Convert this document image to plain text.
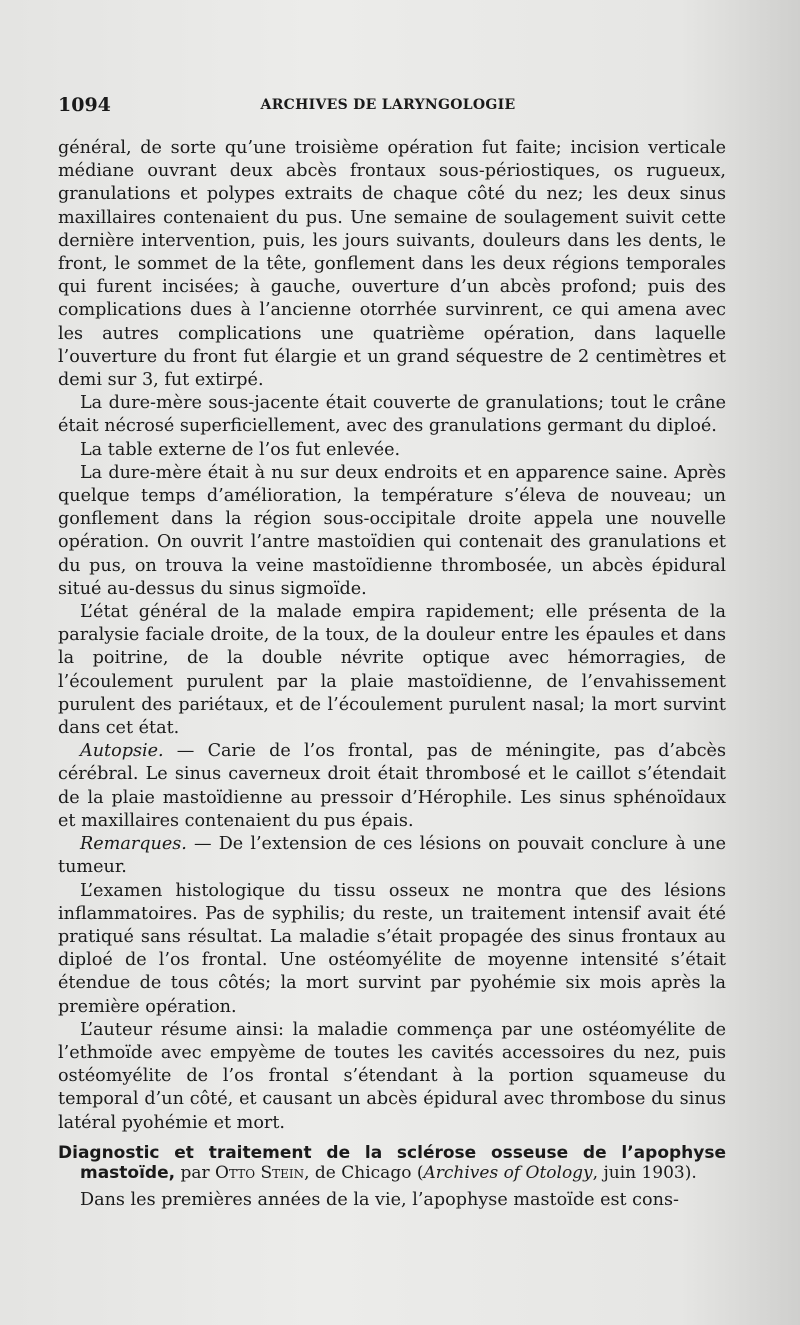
1094	ARCHIVES DE LARYNGOLOGIE

général, de sorte qu’une troisième opération fut faite; incision verticale médiane ouvrant deux abcès frontaux sous-périostiques, os rugueux, granulations et polypes extraits de chaque côté du nez; les deux sinus maxillaires contenaient du pus. Une semaine de soulagement suivit cette dernière intervention, puis, les jours suivants, douleurs dans les dents, le front, le sommet de la tête, gonflement dans les deux régions temporales qui furent incisées; à gauche, ouverture d’un abcès profond; puis des complications dues à l’ancienne otorrhée survinrent, ce qui amena avec les autres complications une quatrième opération, dans laquelle l’ouverture du front fut élargie et un grand séquestre de 2 centimètres et demi sur 3, fut extirpé.

La dure-mère sous-jacente était couverte de granulations; tout le crâne était nécrosé superficiellement, avec des granulations germant du diploé.

La table externe de l’os fut enlevée.

La dure-mère était à nu sur deux endroits et en apparence saine. Après quelque temps d’amélioration, la température s’éleva de nouveau; un gonflement dans la région sous-occipitale droite appela une nouvelle opération. On ouvrit l’antre mastoïdien qui contenait des granulations et du pus, on trouva la veine mastoïdienne thrombosée, un abcès épidural situé au-dessus du sinus sigmoïde.

L’état général de la malade empira rapidement; elle présenta de la paralysie faciale droite, de la toux, de la douleur entre les épaules et dans la poitrine, de la double névrite optique avec hémorragies, de l’écoulement purulent par la plaie mastoïdienne, de l’envahissement purulent des pariétaux, et de l’écoulement purulent nasal; la mort survint dans cet état.

Autopsie. — Carie de l’os frontal, pas de méningite, pas d’abcès cérébral. Le sinus caverneux droit était thrombosé et le caillot s’étendait de la plaie mastoïdienne au pressoir d’Hérophile. Les sinus sphénoïdaux et maxillaires contenaient du pus épais.

Remarques. — De l’extension de ces lésions on pouvait conclure à une tumeur.

L’examen histologique du tissu osseux ne montra que des lésions inflammatoires. Pas de syphilis; du reste, un traitement intensif avait été pratiqué sans résultat. La maladie s’était propagée des sinus frontaux au diploé de l’os frontal. Une ostéomyélite de moyenne intensité s’était étendue de tous côtés; la mort survint par pyohémie six mois après la première opération.

L’auteur résume ainsi: la maladie commença par une ostéomyélite de l’ethmoïde avec empyème de toutes les cavités accessoires du nez, puis ostéomyélite de l’os frontal s’étendant à la portion squameuse du temporal d’un côté, et causant un abcès épidural avec thrombose du sinus latéral pyohémie et mort.

Diagnostic et traitement de la sclérose osseuse de l’apophyse mastoïde, par Otto Stein, de Chicago (Archives of Otology, juin 1903).

Dans les premières années de la vie, l’apophyse mastoïde est cons-
